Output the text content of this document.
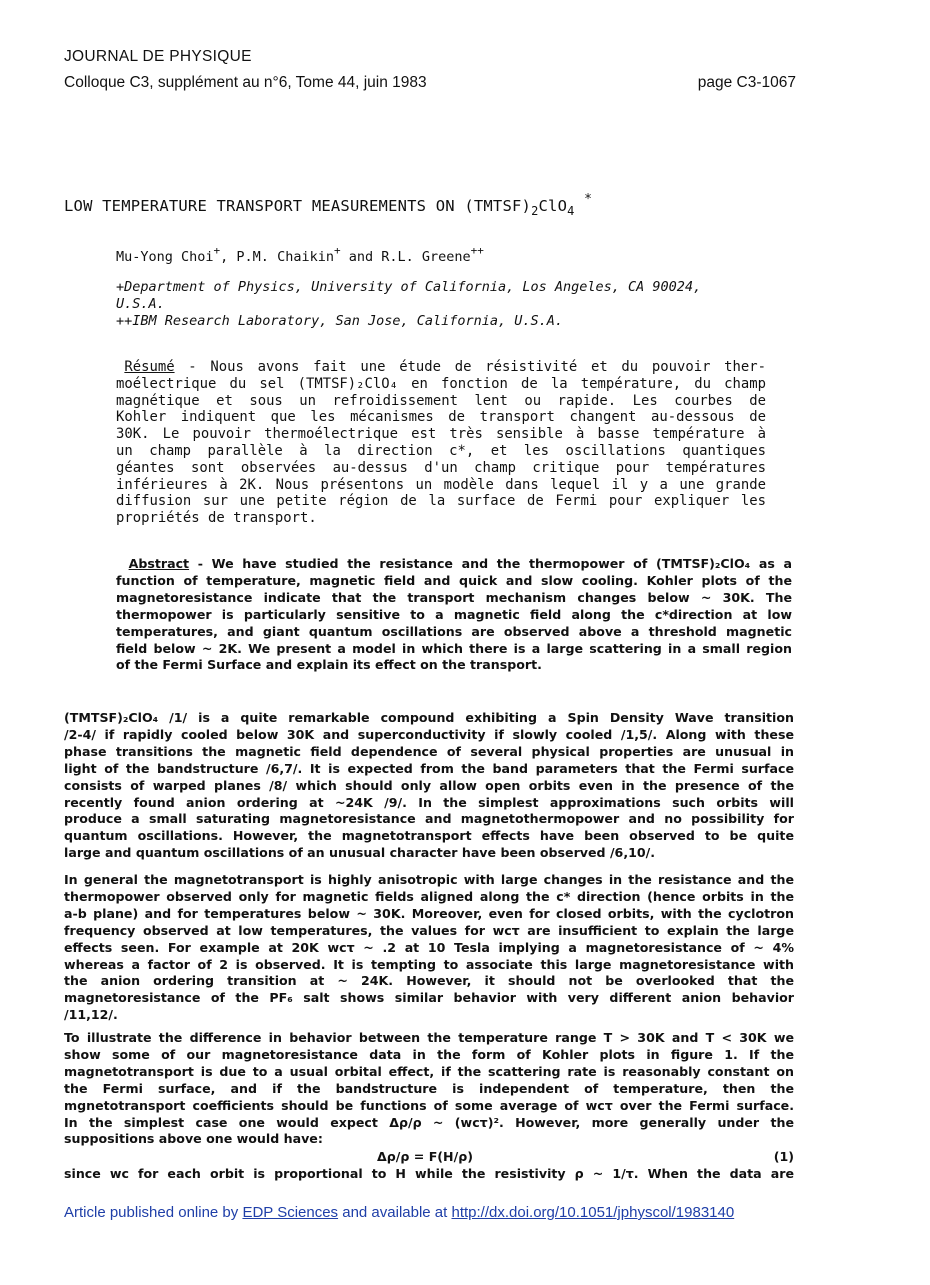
JOURNAL DE PHYSIQUE
Colloque C3, supplément au n°6, Tome 44, juin 1983	page C3-1067
LOW TEMPERATURE TRANSPORT MEASUREMENTS ON $(TMTSF)_2ClO_4$ *
Mu-Yong Choi+, P.M. Chaikin+ and R.L. Greene++
+Department of Physics, University of California, Los Angeles, CA 90024,
U.S.A.
++IBM Research Laboratory, San Jose, California, U.S.A.
 Résumé - Nous avons fait une étude de résistivité et du pouvoir ther-
moélectrique du sel (TMTSF)₂ClO₄ en fonction de la température, du champ
magnétique et sous un refroidissement lent ou rapide. Les courbes de
Kohler indiquent que les mécanismes de transport changent au-dessous de
30K. Le pouvoir thermoélectrique est très sensible à basse température à
un champ parallèle à la direction c*, et les oscillations quantiques
géantes sont observées au-dessus d'un champ critique pour températures
inférieures à 2K. Nous présentons un modèle dans lequel il y a une grande
diffusion sur une petite région de la surface de Fermi pour expliquer les
propriétés de transport.
  Abstract - We have studied the resistance and the thermopower of (TMTSF)₂ClO₄ as a
function of temperature, magnetic field and quick and slow cooling. Kohler plots of the
magnetoresistance indicate that the transport mechanism changes below ~ 30K. The
thermopower is particularly sensitive to a magnetic field along the c*direction at low
temperatures, and giant quantum oscillations are observed above a threshold magnetic
field below ~ 2K. We present a model in which there is a large scattering in a small region
of the Fermi Surface and explain its effect on the transport.
(TMTSF)₂ClO₄ /1/ is a quite remarkable compound exhibiting a Spin Density Wave transition
/2-4/ if rapidly cooled below 30K and superconductivity if slowly cooled /1,5/. Along with these
phase transitions the magnetic field dependence of several physical properties are unusual in
light of the bandstructure /6,7/. It is expected from the band parameters that the Fermi surface
consists of warped planes /8/ which should only allow open orbits even in the presence of the
recently found anion ordering at ~24K /9/. In the simplest approximations such orbits will
produce a small saturating magnetoresistance and magnetothermopower and no possibility for
quantum oscillations. However, the magnetotransport effects have been observed to be quite
large and quantum oscillations of an unusual character have been observed /6,10/.
In general the magnetotransport is highly anisotropic with large changes in the resistance and the
thermopower observed only for magnetic fields aligned along the c* direction (hence orbits in the
a-b plane) and for temperatures below ~ 30K. Moreover, even for closed orbits, with the cyclotron
frequency observed at low temperatures, the values for wcτ are insufficient to explain the large
effects seen. For example at 20K wcτ ~ .2 at 10 Tesla implying a magnetoresistance of ~ 4%
whereas a factor of 2 is observed. It is tempting to associate this large magnetoresistance with
the anion ordering transition at ~ 24K. However, it should not be overlooked that the
magnetoresistance of the PF₆ salt shows similar behavior with very different anion behavior
/11,12/.
To illustrate the difference in behavior between the temperature range T > 30K and T < 30K we
show some of our magnetoresistance data in the form of Kohler plots in figure 1. If the
magnetotransport is due to a usual orbital effect, if the scattering rate is reasonably constant on
the Fermi surface, and if the bandstructure is independent of temperature, then the
mgnetotransport coefficients should be functions of some average of wcτ over the Fermi surface.
In the simplest case one would expect Δρ/ρ ~ (wcτ)². However, more generally under the
suppositions above one would have:
Δρ/ρ = F(H/ρ)	(1)
since wc for each orbit is proportional to H while the resistivity ρ ~ 1/τ. When the data are
Article published online by EDP Sciences and available at http://dx.doi.org/10.1051/jphyscol/1983140
